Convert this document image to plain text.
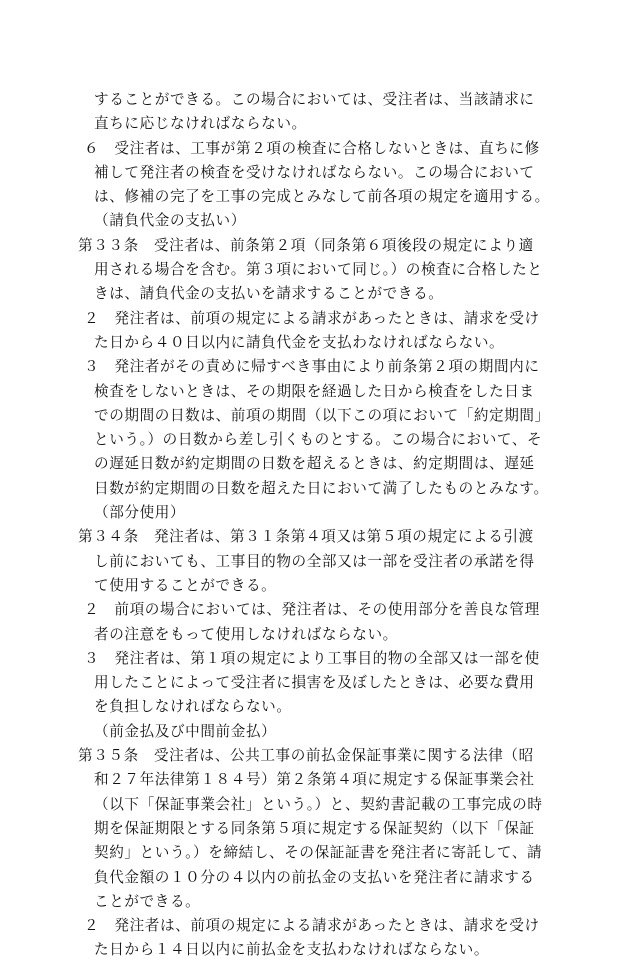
することができる。この場合においては、受注者は、当該請求に
直ちに応じなければならない。
６　受注者は、工事が第２項の検査に合格しないときは、直ちに修
補して発注者の検査を受けなければならない。この場合において
は、修補の完了を工事の完成とみなして前各項の規定を適用する。
（請負代金の支払い）
第３３条　受注者は、前条第２項（同条第６項後段の規定により適
用される場合を含む。第３項において同じ。）の検査に合格したと
きは、請負代金の支払いを請求することができる。
２　発注者は、前項の規定による請求があったときは、請求を受け
た日から４０日以内に請負代金を支払わなければならない。
３　発注者がその責めに帰すべき事由により前条第２項の期間内に
検査をしないときは、その期限を経過した日から検査をした日ま
での期間の日数は、前項の期間（以下この項において「約定期間」
という。）の日数から差し引くものとする。この場合において、そ
の遅延日数が約定期間の日数を超えるときは、約定期間は、遅延
日数が約定期間の日数を超えた日において満了したものとみなす。
（部分使用）
第３４条　発注者は、第３１条第４項又は第５項の規定による引渡
し前においても、工事目的物の全部又は一部を受注者の承諾を得
て使用することができる。
２　前項の場合においては、発注者は、その使用部分を善良な管理
者の注意をもって使用しなければならない。
３　発注者は、第１項の規定により工事目的物の全部又は一部を使
用したことによって受注者に損害を及ぼしたときは、必要な費用
を負担しなければならない。
（前金払及び中間前金払）
第３５条　受注者は、公共工事の前払金保証事業に関する法律（昭
和２７年法律第１８４号）第２条第４項に規定する保証事業会社
（以下「保証事業会社」という。）と、契約書記載の工事完成の時
期を保証期限とする同条第５項に規定する保証契約（以下「保証
契約」という。）を締結し、その保証証書を発注者に寄託して、請
負代金額の１０分の４以内の前払金の支払いを発注者に請求する
ことができる。
２　発注者は、前項の規定による請求があったときは、請求を受け
た日から１４日以内に前払金を支払わなければならない。
